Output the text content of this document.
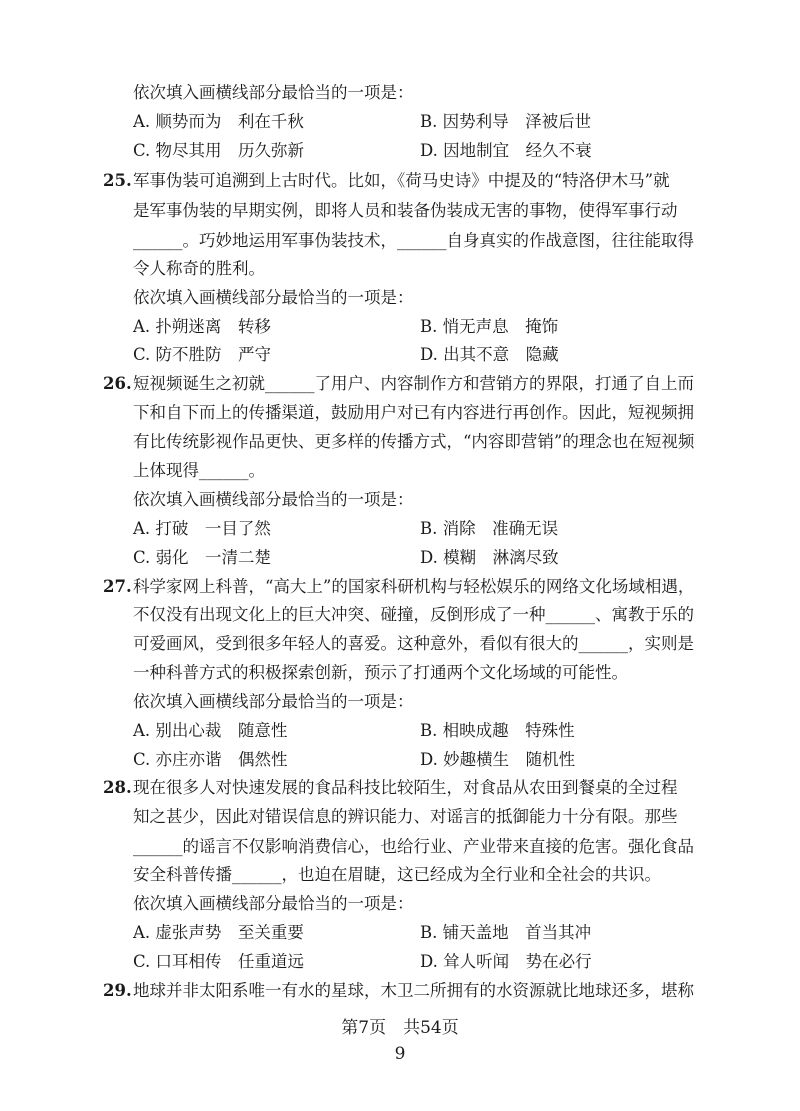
依次填入画横线部分最恰当的一项是：
A. 顺势而为　利在千秋	B. 因势利导　泽被后世
C. 物尽其用　历久弥新	D. 因地制宜　经久不衰
25. 军事伪装可追溯到上古时代。比如，《荷马史诗》中提及的“特洛伊木马”就
是军事伪装的早期实例，即将人员和装备伪装成无害的事物，使得军事行动
______。巧妙地运用军事伪装技术，______自身真实的作战意图，往往能取得
令人称奇的胜利。
依次填入画横线部分最恰当的一项是：
A. 扑朔迷离　转移	B. 悄无声息　掩饰
C. 防不胜防　严守	D. 出其不意　隐藏
26. 短视频诞生之初就______了用户、内容制作方和营销方的界限，打通了自上而
下和自下而上的传播渠道，鼓励用户对已有内容进行再创作。因此，短视频拥
有比传统影视作品更快、更多样的传播方式，“内容即营销”的理念也在短视频
上体现得______。
依次填入画横线部分最恰当的一项是：
A. 打破　一目了然	B. 消除　准确无误
C. 弱化　一清二楚	D. 模糊　淋漓尽致
27. 科学家网上科普，“高大上”的国家科研机构与轻松娱乐的网络文化场域相遇，
不仅没有出现文化上的巨大冲突、碰撞，反倒形成了一种______、寓教于乐的
可爱画风，受到很多年轻人的喜爱。这种意外，看似有很大的______，实则是
一种科普方式的积极探索创新，预示了打通两个文化场域的可能性。
依次填入画横线部分最恰当的一项是：
A. 别出心裁　随意性	B. 相映成趣　特殊性
C. 亦庄亦谐　偶然性	D. 妙趣横生　随机性
28. 现在很多人对快速发展的食品科技比较陌生，对食品从农田到餐桌的全过程
知之甚少，因此对错误信息的辨识能力、对谣言的抵御能力十分有限。那些
______的谣言不仅影响消费信心，也给行业、产业带来直接的危害。强化食品
安全科普传播______，也迫在眉睫，这已经成为全行业和全社会的共识。
依次填入画横线部分最恰当的一项是：
A. 虚张声势　至关重要	B. 铺天盖地　首当其冲
C. 口耳相传　任重道远	D. 耸人听闻　势在必行
29. 地球并非太阳系唯一有水的星球，木卫二所拥有的水资源就比地球还多，堪称
第7页　共54页
9
